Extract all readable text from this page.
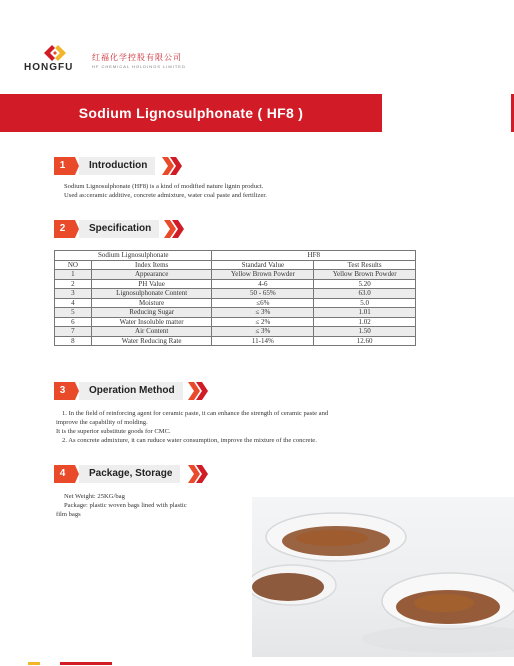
HONGFU
红福化学控股有限公司
HF CHEMICAL HOLDINGS LIMITED
Sodium Lignosulphonate ( HF8 )
1	Introduction
Sodium Lignosulphonate (HF8) is a kind of modified nature lignin product.
Used as:ceramic additive, concrete admixture, water coal paste and fertilizer.
2	Specification
Sodium Lignosulphonate		HF8	
NO	Index Items	Standard Value	Test Results
1	Appearance	Yellow Brown Powder	Yellow Brown Powder
2	PH Value	4-6	5.20
3	Lignosulphonate Content	50 - 65%	63.0
4	Moisture	≤6%	5.0
5	Reducing Sugar	≤ 3%	1.01
6	Water Insoluble matter	≤ 2%	1.02
7	Air Content	≤ 3%	1.50
8	Water Reducing Rate	11-14%	12.60
3	Operation Method
1. In the field of reinforcing agent for ceramic paste, it can enhance the strength of ceramic paste and
improve the capability of molding.
It is the superior substitute goods for CMC.
2. As concrete admixture, it can ruduce water consumption, improve the mixture of the concrete.
4	Package, Storage
Net Weight: 25KG/bag
Package: plastic woven bags lined with plastic
film bags
